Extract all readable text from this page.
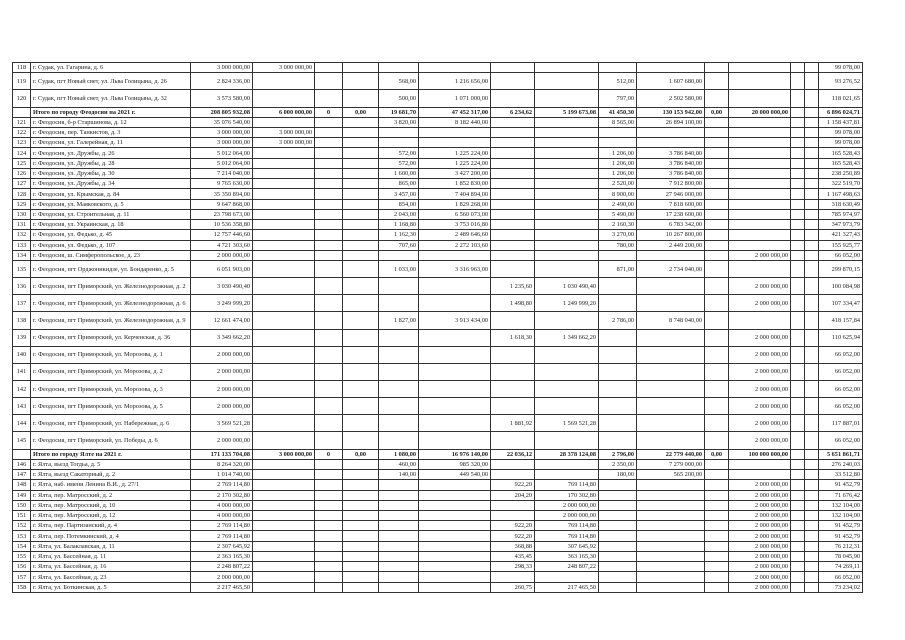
118	г. Судак, ул. Гагарина, д. 6	3 000 000,00	3 000 000,00													99 078,00
119	г. Судак, пгт Новый свет, ул. Льва Голицына, д. 26	2 824 336,00				568,00	1 216 656,00			512,00	1 607 680,00					93 276,52
120	г. Судак, пгт Новый свет, ул. Льва Голицына, д. 32	3 573 580,00				500,00	1 071 000,00			797,00	2 502 580,00					118 021,65
	Итого по городу Феодосии на 2021 г.	208 805 932,08	6 000 000,00	0	0,00	19 681,70	47 452 317,00	6 234,62	5 199 673,08	41 450,30	130 153 942,00	0,00	20 000 000,00			6 896 024,71
121	г. Феодосия, б-р Старшинова, д. 12	35 076 540,00				3 820,00	8 182 440,00			8 565,00	26 894 100,00					1 158 437,81
122	г. Феодосия, пер. Танкистов, д. 3	3 000 000,00	3 000 000,00													99 078,00
123	г. Феодосия, ул. Галерейная, д. 11	3 000 000,00	3 000 000,00													99 078,00
124	г. Феодосия, ул. Дружбы, д. 26	5 012 064,00				572,00	1 225 224,00			1 206,00	3 786 840,00					165 528,43
125	г. Феодосия, ул. Дружбы, д. 28	5 012 064,00				572,00	1 225 224,00			1 206,00	3 786 840,00					165 528,43
126	г. Феодосия, ул. Дружбы, д. 30	7 214 040,00				1 600,00	3 427 200,00			1 206,00	3 786 840,00					238 250,89
127	г. Феодосия, ул. Дружбы, д. 34	9 765 630,00				865,00	1 852 830,00			2 520,00	7 912 800,00					322 519,70
128	г. Феодосия, ул. Крымская, д. 84	35 350 894,00				3 457,00	7 404 894,00			8 900,00	27 946 000,00					1 167 498,63
129	г. Феодосия, ул. Маяковского, д. 5	9 647 868,00				854,00	1 829 268,00			2 490,00	7 818 600,00					318 630,49
130	г. Феодосия, ул. Строительная, д. 11	23 798 673,00				2 043,00	6 560 073,00			5 490,00	17 238 600,00					785 974,97
131	г. Феодосия, ул. Украинская, д. 18	10 536 358,80				1 168,80	3 753 016,80			2 160,30	6 783 342,00					347 973,79
132	г. Феодосия, ул. Федько, д. 45	12 757 446,60				1 162,30	2 489 646,60			3 270,00	10 267 800,00					421 327,43
133	г. Феодосия, ул. Федько, д. 107	4 721 303,60				707,60	2 272 103,60			780,00	2 449 200,00					155 925,77
134	г. Феодосия, ш. Симферопольское, д. 23	2 000 000,00											2 000 000,00			66 052,00
135	г. Феодосия, пгт Орджоникидзе, ул. Бондаренко, д. 5	6 051 903,00				1 033,00	3 316 963,00			871,00	2 734 940,00					299 870,15
136	г. Феодосия, пгт Приморский, ул. Железнодорожная, д. 2	3 030 490,40						1 235,60	1 030 490,40				2 000 000,00			100 084,98
137	г. Феодосия, пгт Приморский, ул. Железнодорожная, д. 6	3 249 999,20						1 498,80	1 249 999,20				2 000 000,00			107 334,47
138	г. Феодосия, пгт Приморский, ул. Железнодорожная, д. 9	12 661 474,00				1 827,00	3 913 434,00			2 786,00	8 748 040,00					418 157,84
139	г. Феодосия, пгт Приморский, ул. Керченская, д. 36	3 349 662,20						1 618,30	1 349 662,20				2 000 000,00			110 625,94
140	г. Феодосия, пгт Приморский, ул. Морозова, д. 1	2 000 000,00											2 000 000,00			66 052,00
141	г. Феодосия, пгт Приморский, ул. Морозова, д. 2	2 000 000,00											2 000 000,00			66 052,00
142	г. Феодосия, пгт Приморский, ул. Морозова, д. 3	2 000 000,00											2 000 000,00			66 052,00
143	г. Феодосия, пгт Приморский, ул. Морозова, д. 5	2 000 000,00											2 000 000,00			66 052,00
144	г. Феодосия, пгт Приморский, ул. Набережная, д. 6	3 569 521,28						1 881,92	1 569 521,28				2 000 000,00			117 887,01
145	г. Феодосия, пгт Приморский, ул. Победы, д. 6	2 000 000,00											2 000 000,00			66 052,00
	Итого по городу Ялте на 2021 г.	171 133 704,08	3 000 000,00	0	0,00	1 080,00	16 976 140,00	22 036,12	28 378 124,08	2 796,00	22 779 440,00	0,00	100 000 000,00			5 651 861,71
146	г. Ялта, вьезд Тогдьа, д. 5	8 264 320,00				460,00	985 320,00			2 350,00	7 279 000,00					276 240,03
147	г. Ялта, вьезд Сакаторный, д. 2	1 014 740,00				140,00	449 540,00			180,00	565 200,00					33 512,80
148	г. Ялта, наб. имени Ленина В.И., д. 27/1	2 769 114,80						922,20	769 114,80				2 000 000,00			91 452,79
149	г. Ялта, пер. Матросский, д. 2	2 170 302,80						204,20	170 302,80				2 000 000,00			71 676,42
150	г. Ялта, пер. Матросский, д. 10	4 000 000,00							2 000 000,00				2 000 000,00			132 104,00
151	г. Ялта, пер. Матросский, д. 12	4 000 000,00							2 000 000,00				2 000 000,00			132 104,00
152	г. Ялта, пер. Партизанский, д. 4	2 769 114,80						922,20	769 114,80				2 000 000,00			91 452,79
153	г. Ялта, пер. Потемкинский, д. 4	2 769 114,80						922,20	769 114,80				2 000 000,00			91 452,79
154	г. Ялта, ул. Балаклавская, д. 11	2 307 645,92						368,88	307 645,92				2 000 000,00			76 212,31
155	г. Ялта, ул. Бассейная, д. 11	2 363 165,30						435,45	363 165,30				2 000 000,00			78 045,90
156	г. Ялта, ул. Бассейная, д. 16	2 248 807,22						298,33	248 807,22				2 000 000,00			74 269,11
157	г. Ялта, ул. Бассейная, д. 23	2 000 000,00											2 000 000,00			66 052,00
158	г. Ялта, ул. Боткинская, д. 5	2 217 465,50						260,75	217 465,50				2 000 000,00			73 234,02
